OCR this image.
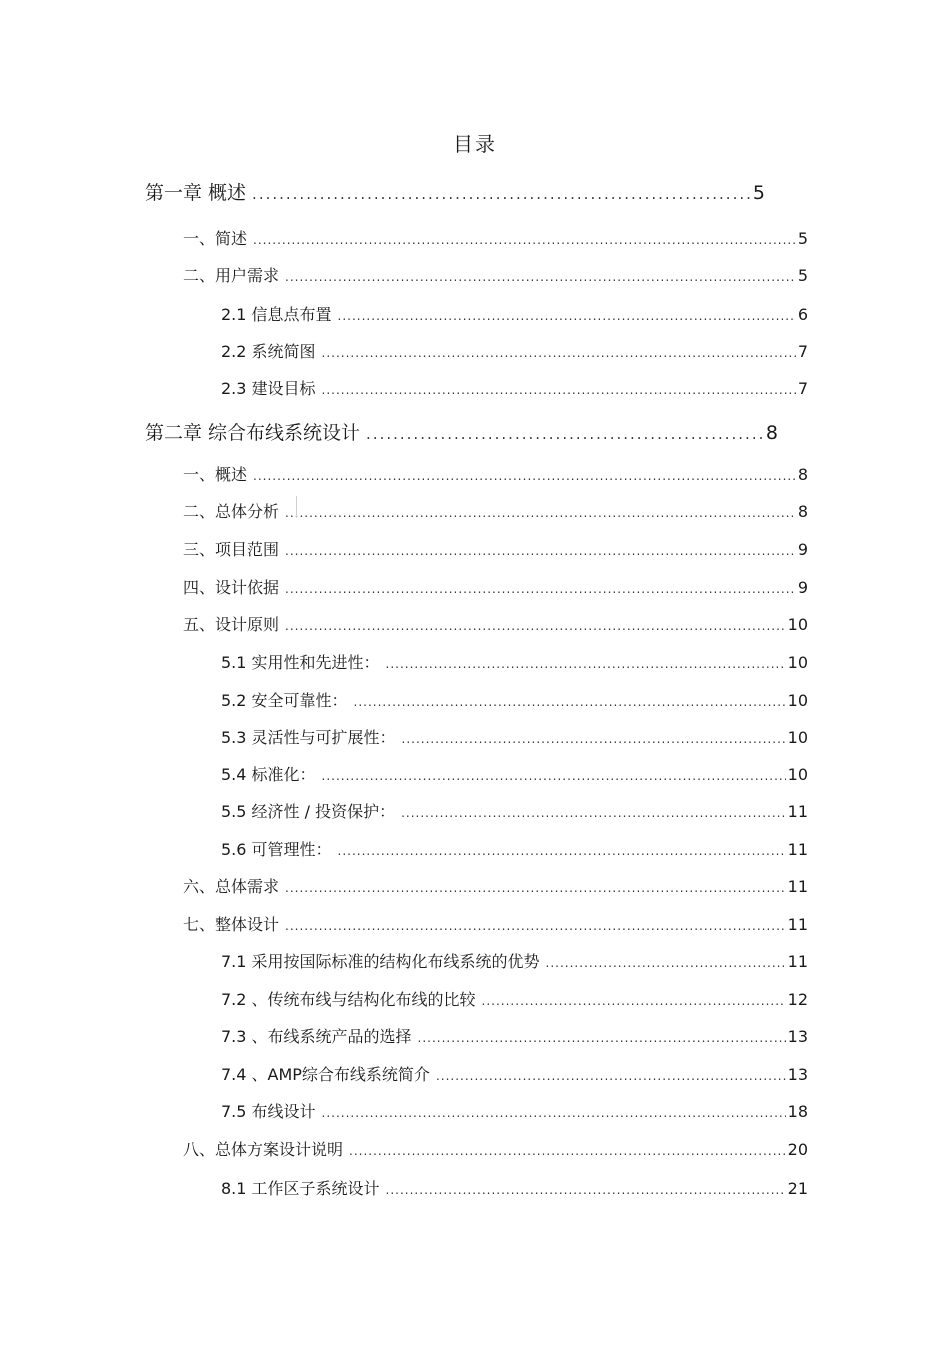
目录
第一章 概述 .....	5
一、简述 .....	5
二、用户需求 .....	5
2.1 信息点布置 .....	6
2.2 系统简图 .....	7
2.3 建设目标 .....	7
第二章 综合布线系统设计 .....	8
一、概述 .....	8
二、总体分析 .....	8
三、项目范围 .....	9
四、设计依据 .....	9
五、设计原则 .....	10
5.1 实用性和先进性： .....	10
5.2 安全可靠性： .....	10
5.3 灵活性与可扩展性： .....	10
5.4 标准化： .....	10
5.5 经济性 / 投资保护： .....	11
5.6 可管理性： .....	11
六、总体需求 .....	11
七、整体设计 .....	11
7.1 采用按国际标准的结构化布线系统的优势 .....	11
7.2 、传统布线与结构化布线的比较 .....	12
7.3 、布线系统产品的选择 .....	13
7.4 、AMP综合布线系统简介 .....	13
7.5 布线设计 .....	18
八、总体方案设计说明 .....	20
8.1 工作区子系统设计 .....	21
